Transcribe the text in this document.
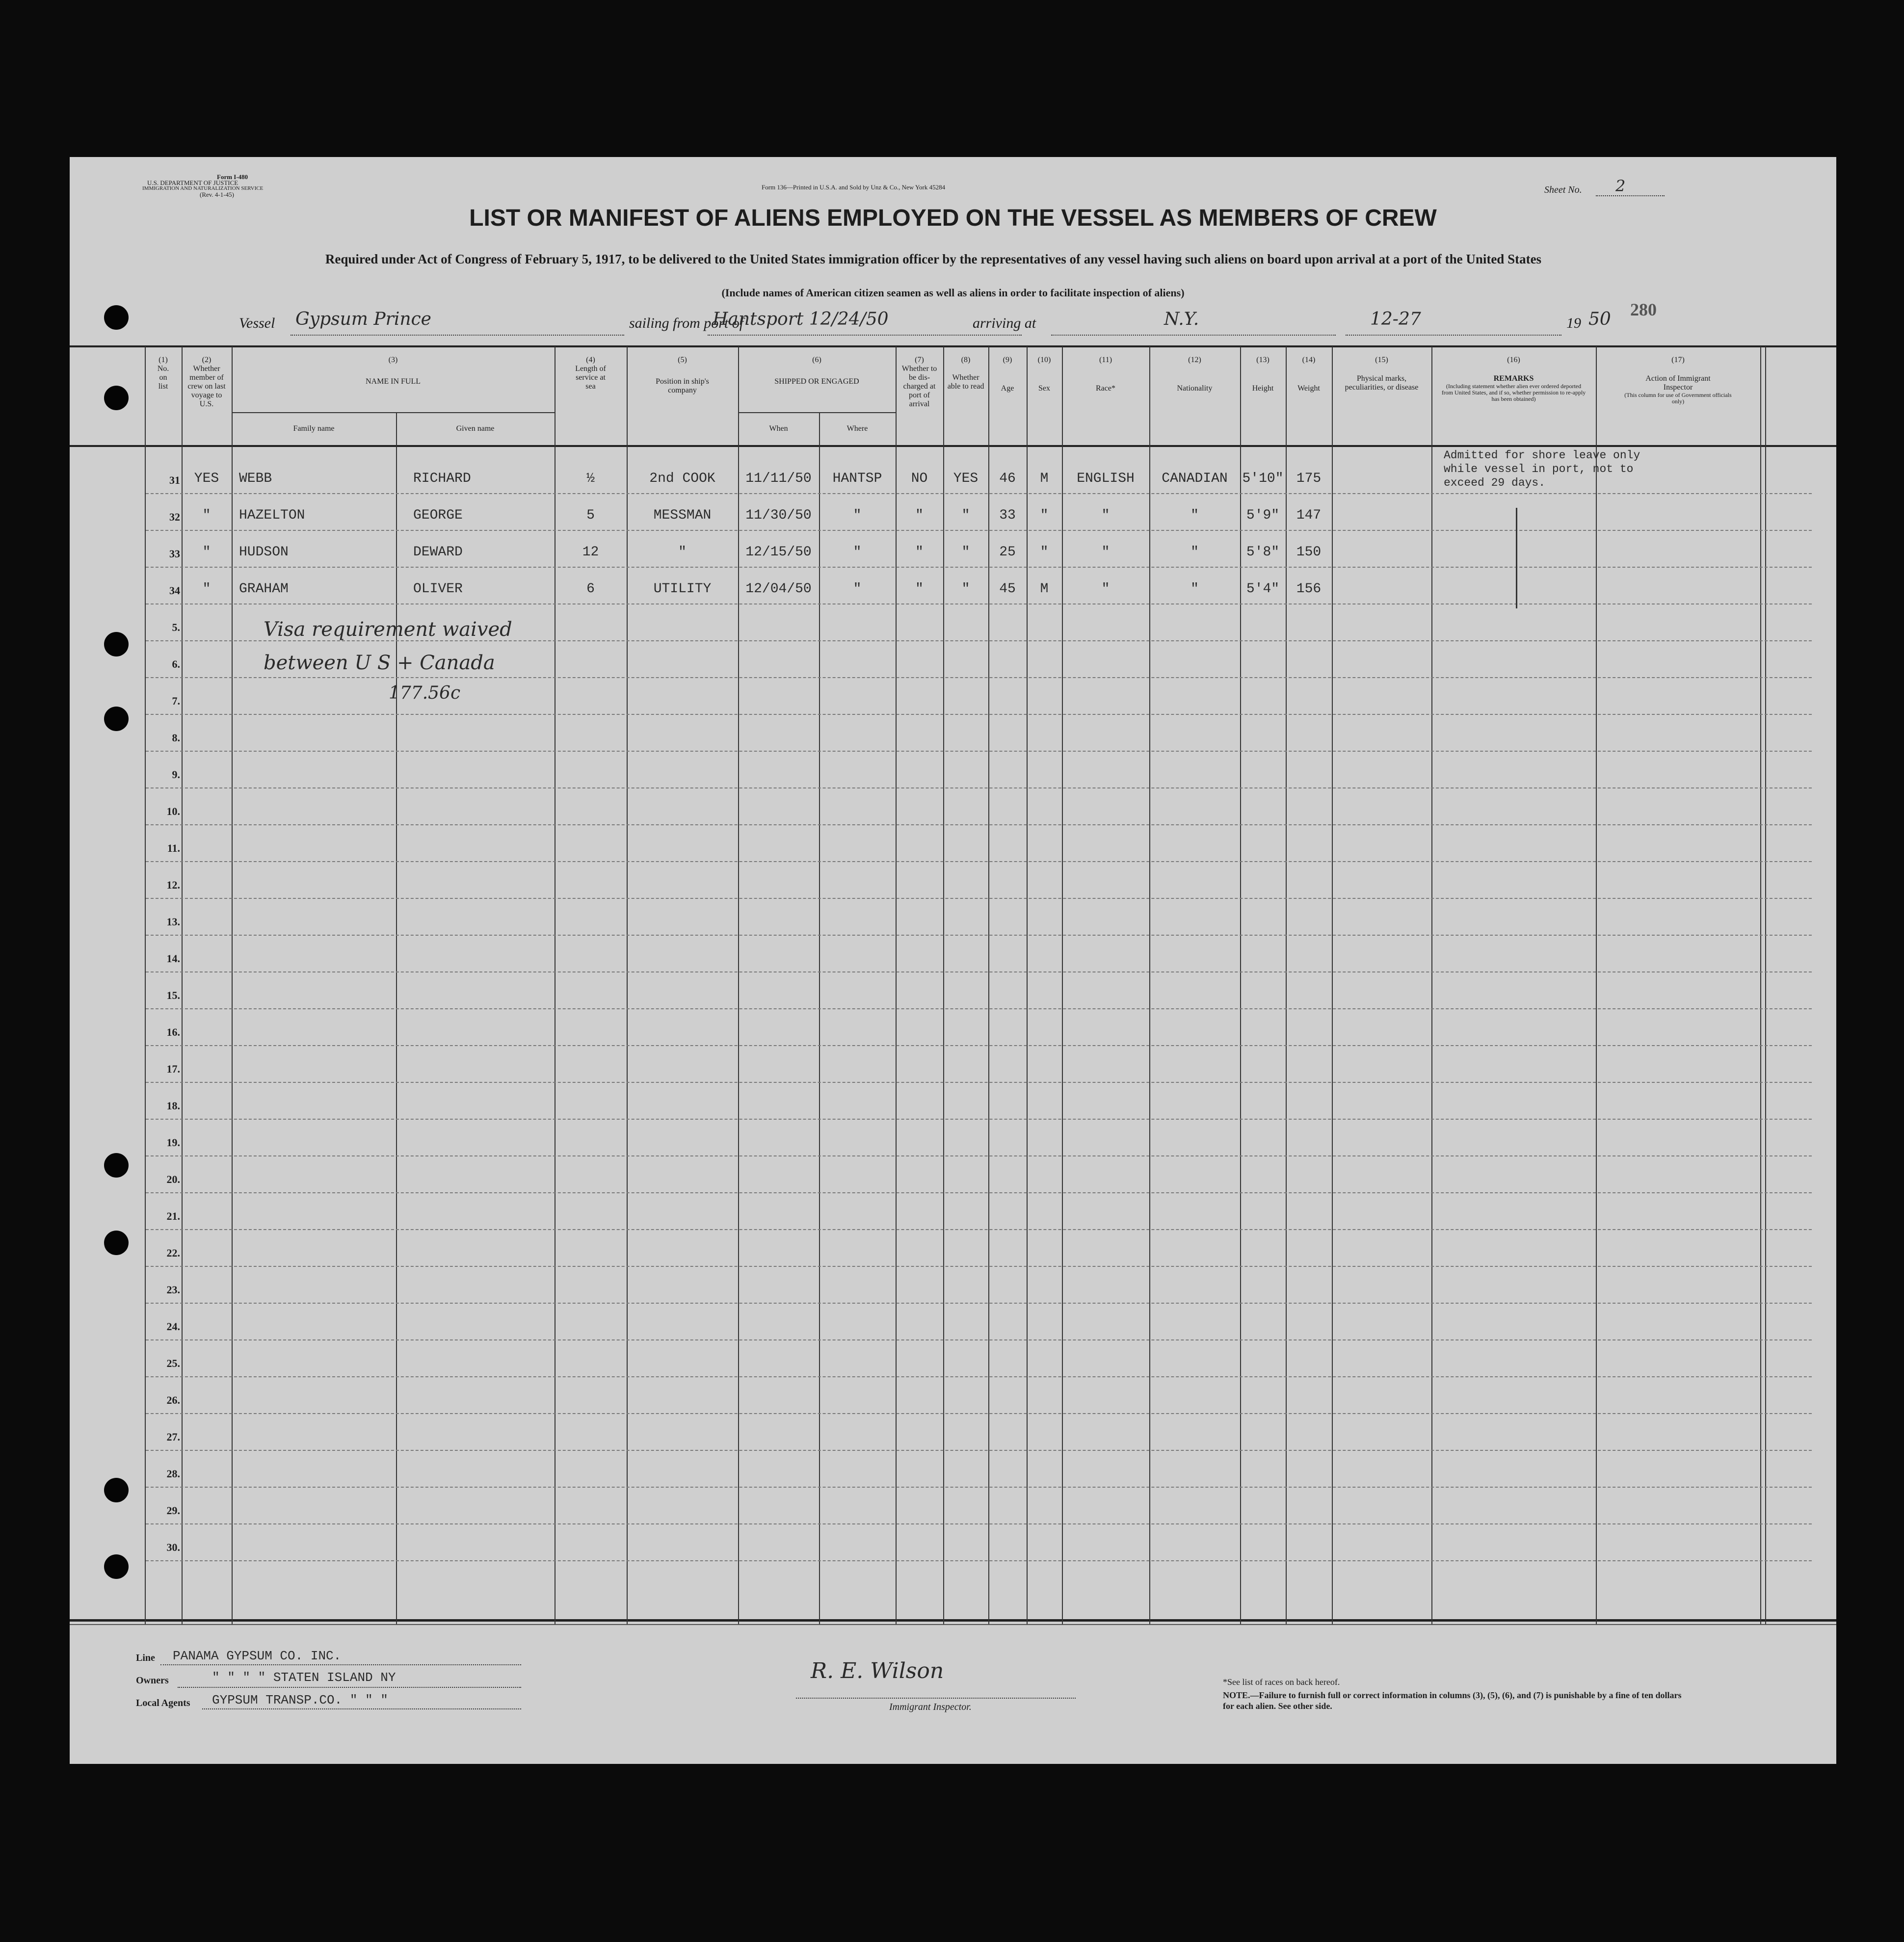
Form I-480
U.S. DEPARTMENT OF JUSTICE
IMMIGRATION AND NATURALIZATION SERVICE
(Rev. 4-1-45)
Form 136—Printed in U.S.A. and Sold by Unz & Co., New York 45284	Sheet No. 2
LIST OR MANIFEST OF ALIENS EMPLOYED ON THE VESSEL AS MEMBERS OF CREW
Required under Act of Congress of February 5, 1917, to be delivered to the United States immigration officer by the representatives of any vessel having such aliens on board upon arrival at a port of the United States
(Include names of American citizen seamen as well as aliens in order to facilitate inspection of aliens)
280
Vessel Gypsum Prince	sailing from port of
Hantsport 12/24/50	arriving at	N.Y.	12-27	19 50
(1)
No. on list
(2)
Whether member of crew on last voyage to U.S.
(3)
NAME IN FULL
Family name	Given name
(4)
Length of service at sea
(5)
Position in ship's company
(6)
SHIPPED OR ENGAGED
When	Where
(7)
Whether to be dis-charged at port of arrival
(8)
Whether able to read
(9)
Age
(10)
Sex
(11)
Race*
(12)
Nationality
(13)
Height
(14)
Weight
(15)
Physical marks, peculiarities, or disease
(16)
REMARKS
(Including statement whether alien ever ordered deported from United States, and if so, whether permission to re-apply has been obtained)
(17)
Action of Immigrant Inspector
(This column for use of Government officials only)
5.
6.
7.
8.
9.
10.
11.
12.
13.
14.
15.
16.
17.
18.
19.
20.
21.
22.
23.
24.
25.
26.
27.
28.
29.
30.
31	YES	WEBB	RICHARD	½	2nd COOK	11/11/50	HANTSP	NO	YES	46	M	ENGLISH	CANADIAN	5'10" 175
32	"	HAZELTON	GEORGE	5	MESSMAN	11/30/50	"	"	"	33	"	"	"	5'9"	147
33	"	HUDSON	DEWARD	12	"	12/15/50	"	"	"	25	"	"	"	5'8"	150
34	"	GRAHAM	OLIVER	6	UTILITY	12/04/50	"	"	"	45	M	"	"	5'4"	156
Admitted for shore leave only
while vessel in port, not to
exceed 29 days.
Visa requirement waived
between U S + Canada
177.56c
Line PANAMA GYPSUM CO. INC.
Owners	" " " " STATEN ISLAND NY
Local Agents GYPSUM TRANSP.CO. " " "
R. E. Wilson
Immigrant Inspector.
*See list of races on back hereof.
NOTE.—Failure to furnish full or correct information in columns (3), (5), (6), and (7) is punishable by a fine of ten dollars for each alien. See other side.
